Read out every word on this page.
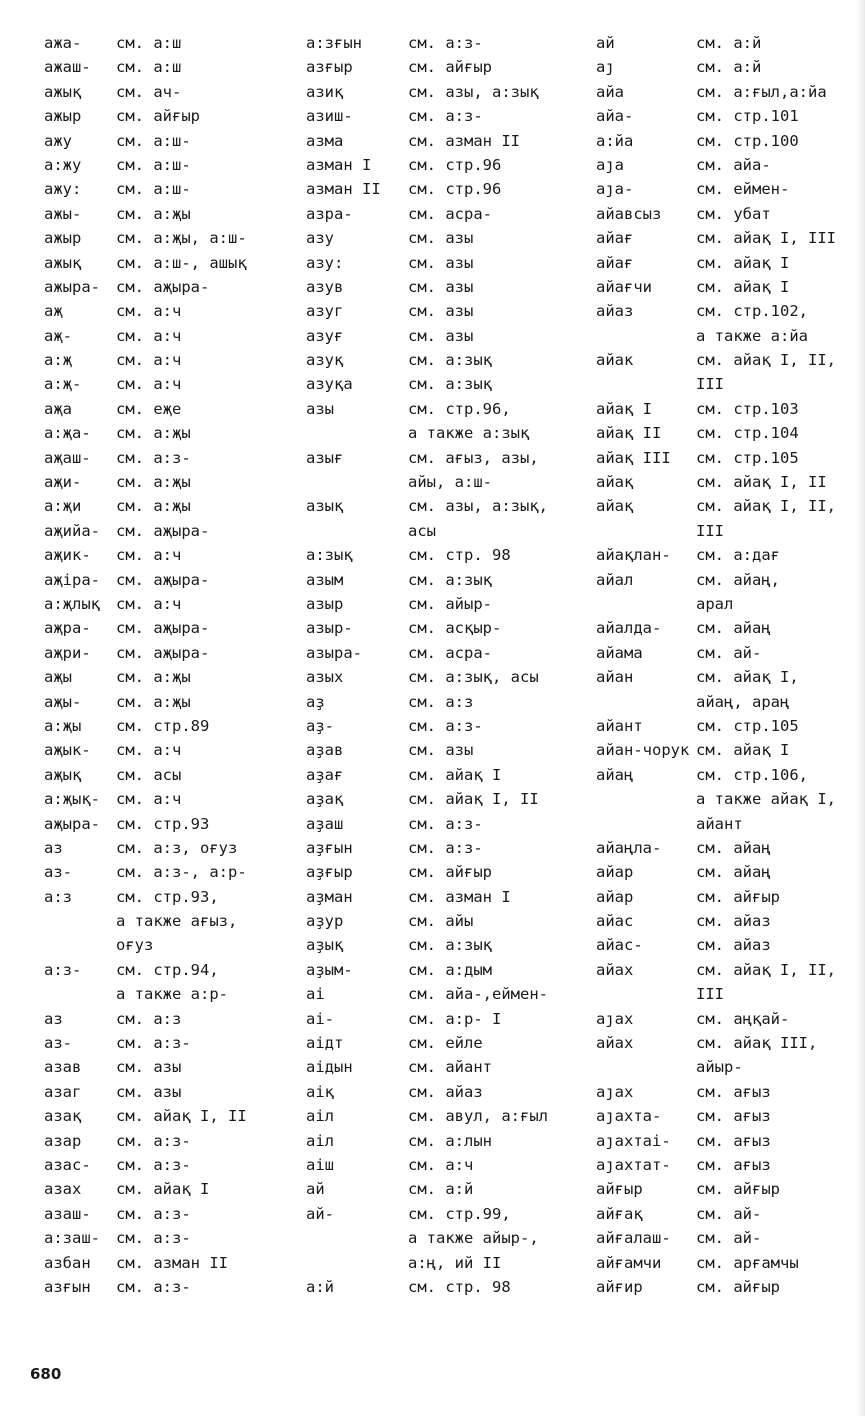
ажа- см. а:ш
ажаш- см. а:ш
ажық см. ач-
ажыр см. айғыр
ажу	см. а:ш-
а:жу см. а:ш-
ажу: см. а:ш-
ажы- см. а:җы
ажыр см. а:җы, а:ш-
ажық см. а:ш-, ашық
ажыра- см. аҗыра-
аҗ	см. а:ч
аҗ-	см. а:ч
а:җ	см. а:ч
а:җ- см. а:ч
аҗа	см. еҗе
а:җа- см. а:җы
аҗаш- см. а:з-
аҗи- см. а:җы
а:җи см. а:җы
аҗийа- см. аҗыра-
аҗик- см. а:ч
аҗіра- см. аҗыра-
а:җлық см. а:ч
аҗра- см. аҗыра-
аҗри- см. аҗыра-
аҗы	см. а:җы
аҗы- см. а:җы
а:җы см. стр.89
аҗык- см. а:ч
аҗық см. асы
а:җық- см. а:ч
аҗыра- см. стр.93
аз	см. а:з, оғуз
аз-	см. а:з-, а:р-
а:з	см. стр.93,
а также ағыз,
оғуз
а:з- см. стр.94,
а также а:р-
аз	см. а:з
аз-	см. а:з-
азав см. азы
азаг см. азы
азақ см. айақ I, II
азар см. а:з-
азас- см. а:з-
азах см. айақ I
азаш- см. а:з-
а:заш- см. а:з-
азбан см. азман II
азғын см. а:з-
а:зғын	см. а:з-
азғыр	см. айғыр
азиқ	см. азы, а:зық
азиш-	см. а:з-
азма	см. азман II
азман I см. стр.96
азман II см. стр.96
азра-	см. асра-
азу	см. азы
азу:	см. азы
азув	см. азы
азуг	см. азы
азуғ	см. азы
азуқ	см. а:зық
азуқа	см. а:зық
азы	см. стр.96,
а также а:зық
азығ	см. ағыз, азы,
айы, а:ш-
азық	см. азы, а:зық,
асы
а:зық	см. стр. 98
азым	см. а:зық
азыр	см. айыр-
азыр-	см. асқыр-
азыра-	см. асра-
азых	см. а:зық, асы
аҙ	см. а:з
аҙ-	см. а:з-
аҙав	см. азы
аҙағ	см. айақ I
аҙақ	см. айақ I, II
аҙаш	см. а:з-
аҙғын	см. а:з-
аҙғыр	см. айғыр
аҙман	см. азман I
аҙур	см. айы
аҙық	см. а:зық
аҙым-	см. а:дым
аі	см. айа-,еймен-
аі-	см. а:р- I
аідт	см. ейле
аідын	см. айант
аіқ	см. айаз
аіл	см. авул, а:ғыл
аіл	см. а:лын
аіш	см. а:ч
ай	см. а:й
ай-	см. стр.99,
а также айыр-,
а:ң, ий II
а:й	см. стр. 98
ай	см. а:й
аȷ	см. а:й
айа	см. а:ғыл,а:йа
айа-	см. стр.101
а:йа	см. стр.100
аȷа	см. айа-
аȷа-	см. еймен-
айавсыз см. убат
айағ	см. айақ I, III
айағ	см. айақ I
айағчи	см. айақ I
айаз	см. стр.102,
а также а:йа
айак	см. айақ I, II,
III
айақ I	см. стр.103
айақ II см. стр.104
айақ III см. стр.105
айақ	см. айақ I, II
айақ	см. айақ I, II,
III
айақлан- см. а:дағ
айал	см. айаң,
арал
айалда- см. айаң
айама	см. ай-
айан	см. айақ I,
айаң, араң
айант	см. стр.105
айан-чорук см. айақ I
айаң	см. стр.106,
а также айақ I,
айант
айаңла- см. айаң
айар	см. айаң
айар	см. айғыр
айас	см. айаз
айас-	см. айаз
айах	см. айақ I, II,
III
аȷах	см. аңқай-
айах	см. айақ III,
айыр-
аȷах	см. ағыз
аȷахта- см. ағыз
аȷахтаі- см. ағыз
аȷахтат- см. ағыз
айғыр	см. айғыр
айғақ	см. ай-
айғалаш- см. ай-
айғамчи см. арғамчы
айғир	см. айғыр
680
